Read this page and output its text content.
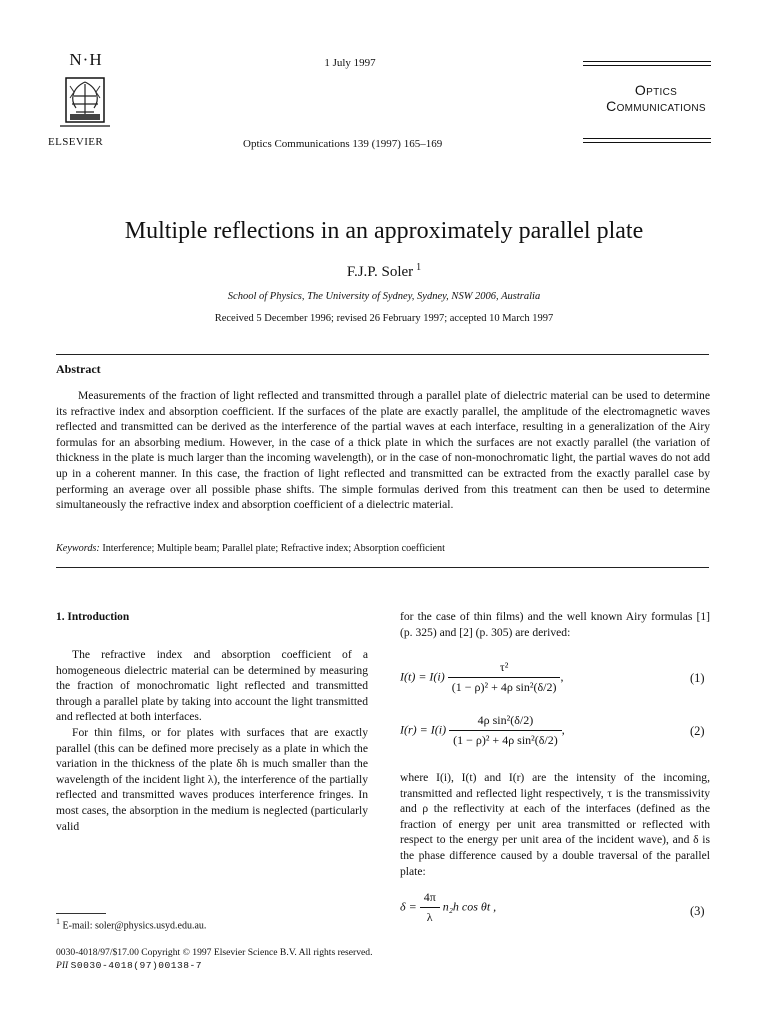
N·H
ELSEVIER
1 July 1997
Optics Communications 139 (1997) 165–169
Optics
Communications
Multiple reflections in an approximately parallel plate
F.J.P. Soler $^1$
School of Physics, The University of Sydney, Sydney, NSW 2006, Australia
Received 5 December 1996; revised 26 February 1997; accepted 10 March 1997
Abstract
Measurements of the fraction of light reflected and transmitted through a parallel plate of dielectric material can be used to determine its refractive index and absorption coefficient. If the surfaces of the plate are exactly parallel, the amplitude of the electromagnetic waves reflected and transmitted can be derived as the interference of the partial waves at each interface, resulting in a generalization of the Airy formulas for an absorbing medium. However, in the case of a thick plate in which the surfaces are not exactly parallel (the variation of thickness in the plate is much larger than the incoming wavelength), or in the case of non-monochromatic light, the partial waves do not add up in a coherent manner. In this case, the fraction of light reflected and transmitted can be extracted from the exactly parallel case by performing an average over all possible phase shifts. The simple formulas derived from this treatment can then be used to determine simultaneously the refractive index and absorption coefficient of a dielectric material.
Keywords: Interference; Multiple beam; Parallel plate; Refractive index; Absorption coefficient
1. Introduction

The refractive index and absorption coefficient of a homogeneous dielectric material can be determined by measuring the fraction of monochromatic light reflected and transmitted through a parallel plate by taking into account the light transmitted and reflected at both interfaces.

For thin films, or for plates with surfaces that are exactly parallel (this can be defined more precisely as a plate in which the variation in the thickness of the plate δh is much smaller than the wavelength of the incident light λ), the interference of the partially reflected and transmitted waves produces interference fringes. In most cases, the absorption in the medium is neglected (particularly valid

for the case of thin films) and the well known Airy formulas [1] (p. 325) and [2] (p. 305) are derived:
$I(t) = I(i) \frac{\text{τ²}}{\text{(1 − ρ)² + 4ρ sin²(δ/2)}}$ ,	(1)
$I(r) = I(i) \frac{\text{4ρ sin²(δ/2)}}{\text{(1 − ρ)² + 4ρ sin²(δ/2)}}$ ,	(2)

where I(i), I(t) and I(r) are the intensity of the incoming, transmitted and reflected light respectively, τ is the transmissivity and ρ the reflectivity at each of the interfaces (defined as the fraction of energy per unit area transmitted or reflected with respect to the energy per unit area of the incident wave), and δ is the phase difference caused by a double traversal of the parallel plate:

$\delta = \frac{4\pi}{\lambda} n_2h$ cos θt ,	(3)
$^1$ E-mail: soler@physics.usyd.edu.au.
0030-4018/97/$17.00 Copyright © 1997 Elsevier Science B.V. All rights reserved.
PII S0030-4018(97)00138-7
